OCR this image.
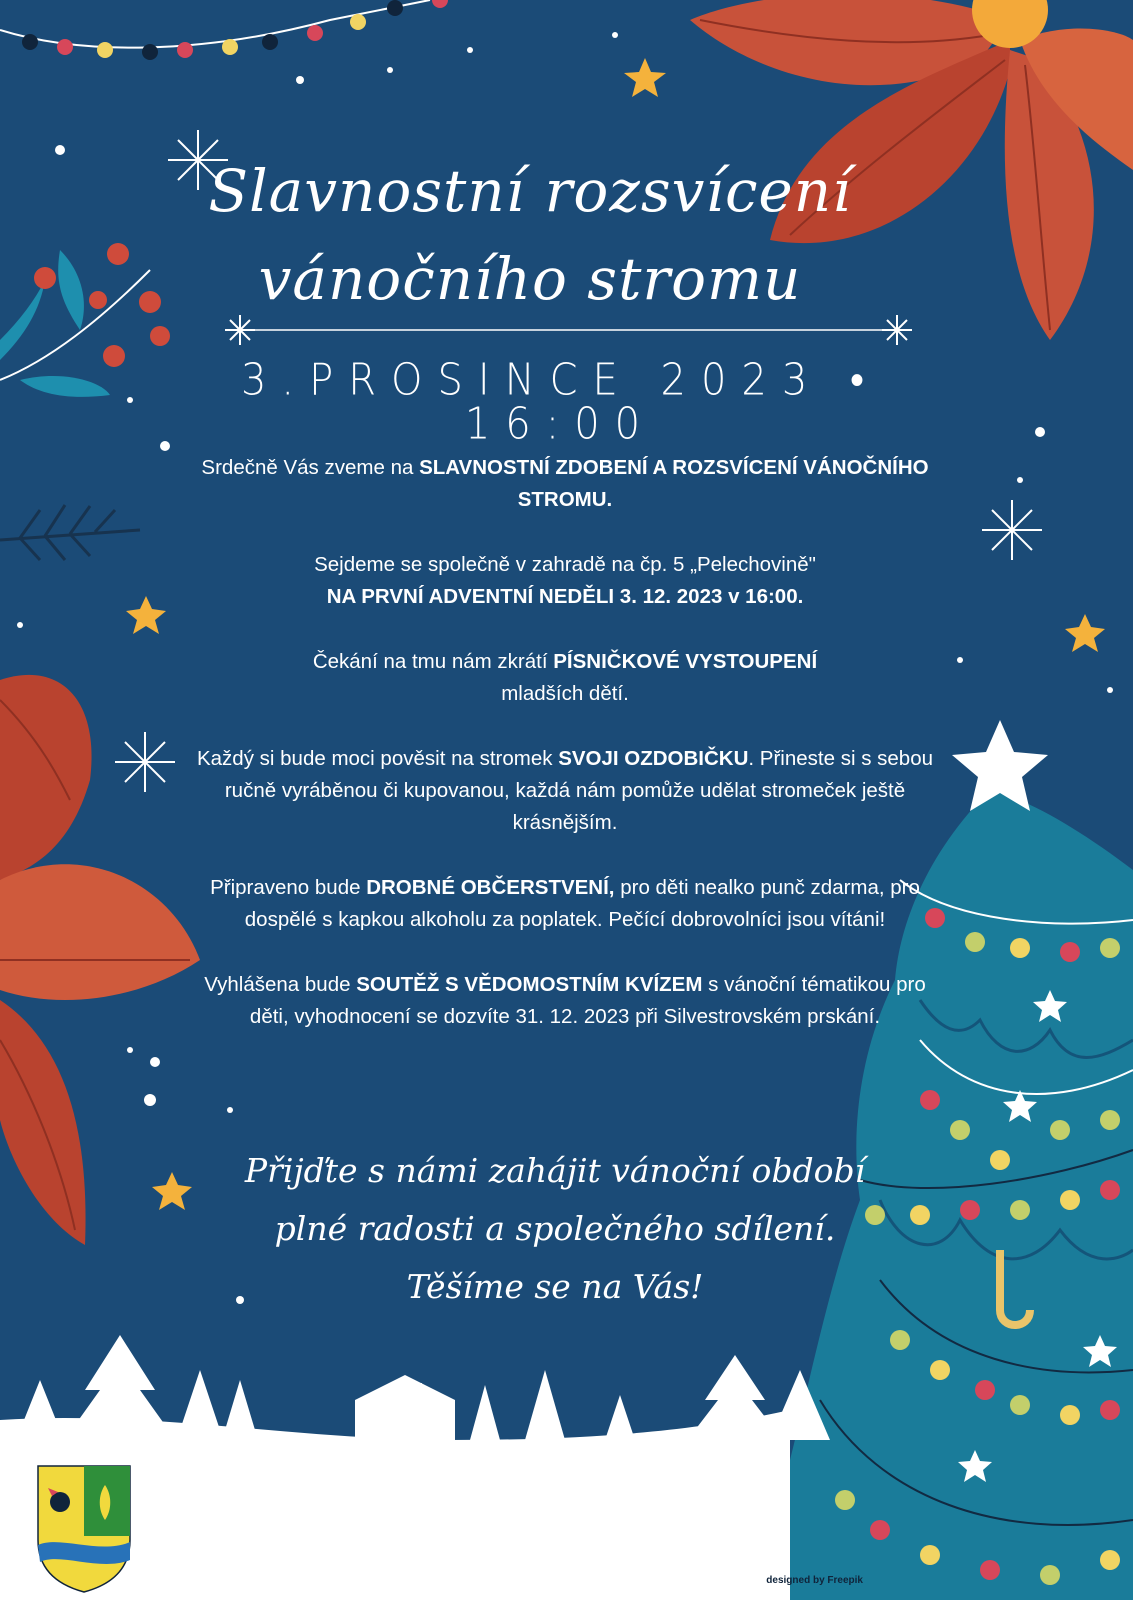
Slavnostní rozsvícení
vánočního stromu
3.PROSINCE 2023 • 16:00

Srdečně Vás zveme na SLAVNOSTNÍ ZDOBENÍ A ROZSVÍCENÍ VÁNOČNÍHO STROMU.

Sejdeme se společně v zahradě na čp. 5 „Pelechovině"
NA PRVNÍ ADVENTNÍ NEDĚLI 3. 12. 2023 v 16:00.

Čekání na tmu nám zkrátí PÍSNIČKOVÉ VYSTOUPENÍ
mladších dětí.

Každý si bude moci pověsit na stromek SVOJI OZDOBIČKU. Přineste si s sebou ručně vyráběnou či kupovanou, každá nám pomůže udělat stromeček ještě krásnějším.

Připraveno bude DROBNÉ OBČERSTVENÍ, pro děti nealko punč zdarma, pro dospělé s kapkou alkoholu za poplatek. Pečící dobrovolníci jsou vítáni!

Vyhlášena bude SOUTĚŽ S VĚDOMOSTNÍM KVÍZEM s vánoční tématikou pro děti, vyhodnocení se dozvíte 31. 12. 2023 při Silvestrovském prskání.

Přijďte s námi zahájit vánoční období
plné radosti a společného sdílení.
Těšíme se na Vás!
designed by Freepik
